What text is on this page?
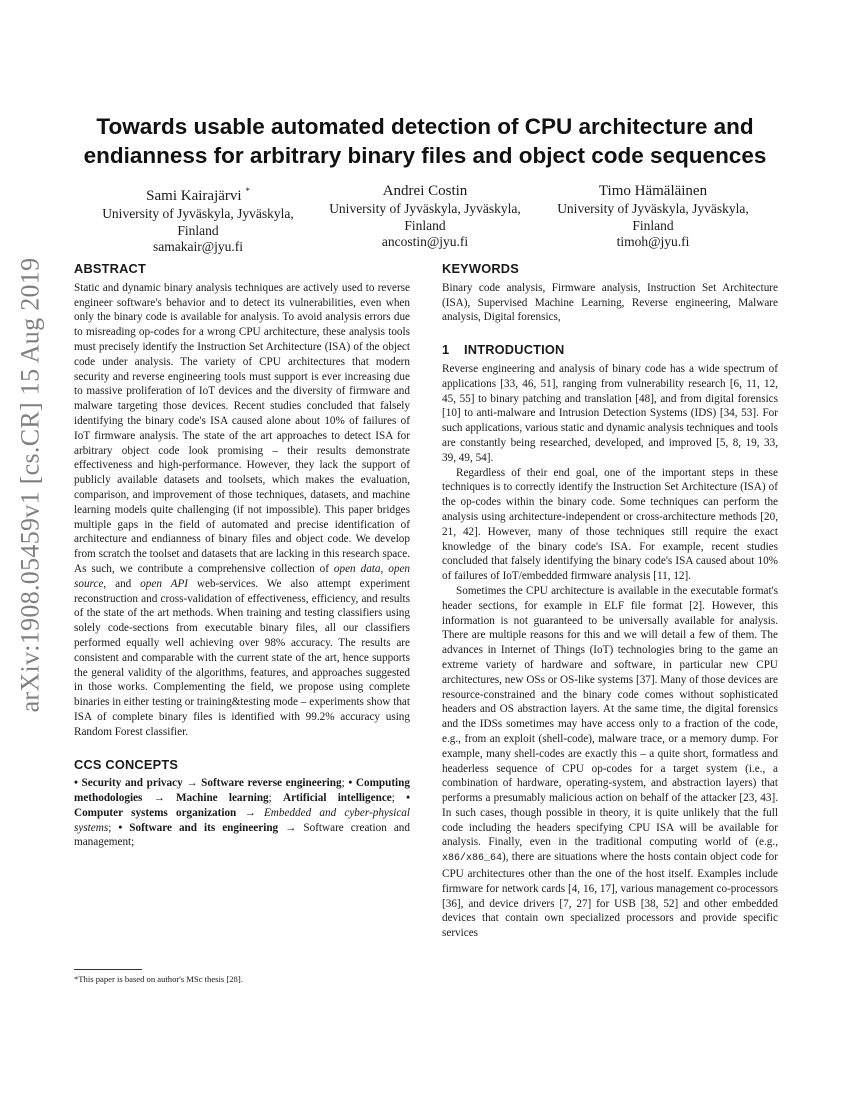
arXiv:1908.05459v1 [cs.CR] 15 Aug 2019
Towards usable automated detection of CPU architecture and endianness for arbitrary binary files and object code sequences
Sami Kairajärvi *
University of Jyväskyla, Jyväskyla,
Finland
samakair@jyu.fi
Andrei Costin
University of Jyväskyla, Jyväskyla,
Finland
ancostin@jyu.fi
Timo Hämäläinen
University of Jyväskyla, Jyväskyla,
Finland
timoh@jyu.fi
ABSTRACT

Static and dynamic binary analysis techniques are actively used to reverse engineer software's behavior and to detect its vulnerabilities, even when only the binary code is available for analysis. To avoid analysis errors due to misreading op-codes for a wrong CPU architecture, these analysis tools must precisely identify the Instruction Set Architecture (ISA) of the object code under analysis. The variety of CPU architectures that modern security and reverse engineering tools must support is ever increasing due to massive proliferation of IoT devices and the diversity of firmware and malware targeting those devices. Recent studies concluded that falsely identifying the binary code's ISA caused alone about 10% of failures of IoT firmware analysis. The state of the art approaches to detect ISA for arbitrary object code look promising – their results demonstrate effectiveness and high-performance. However, they lack the support of publicly available datasets and toolsets, which makes the evaluation, comparison, and improvement of those techniques, datasets, and machine learning models quite challenging (if not impossible). This paper bridges multiple gaps in the field of automated and precise identification of architecture and endianness of binary files and object code. We develop from scratch the toolset and datasets that are lacking in this research space. As such, we contribute a comprehensive collection of open data, open source, and open API web-services. We also attempt experiment reconstruction and cross-validation of effectiveness, efficiency, and results of the state of the art methods. When training and testing classifiers using solely code-sections from executable binary files, all our classifiers performed equally well achieving over 98% accuracy. The results are consistent and comparable with the current state of the art, hence supports the general validity of the algorithms, features, and approaches suggested in those works. Complementing the field, we propose using complete binaries in either testing or training&testing mode – experiments show that ISA of complete binary files is identified with 99.2% accuracy using Random Forest classifier.

CCS CONCEPTS

• Security and privacy → Software reverse engineering; • Computing methodologies → Machine learning; Artificial intelligence; • Computer systems organization → Embedded and cyber-physical systems; • Software and its engineering → Software creation and management;

*This paper is based on author's MSc thesis [28].
KEYWORDS

Binary code analysis, Firmware analysis, Instruction Set Architecture (ISA), Supervised Machine Learning, Reverse engineering, Malware analysis, Digital forensics,

1 INTRODUCTION

Reverse engineering and analysis of binary code has a wide spectrum of applications [33, 46, 51], ranging from vulnerability research [6, 11, 12, 45, 55] to binary patching and translation [48], and from digital forensics [10] to anti-malware and Intrusion Detection Systems (IDS) [34, 53]. For such applications, various static and dynamic analysis techniques and tools are constantly being researched, developed, and improved [5, 8, 19, 33, 39, 49, 54].

Regardless of their end goal, one of the important steps in these techniques is to correctly identify the Instruction Set Architecture (ISA) of the op-codes within the binary code. Some techniques can perform the analysis using architecture-independent or cross-architecture methods [20, 21, 42]. However, many of those techniques still require the exact knowledge of the binary code's ISA. For example, recent studies concluded that falsely identifying the binary code's ISA caused about 10% of failures of IoT/embedded firmware analysis [11, 12].

Sometimes the CPU architecture is available in the executable format's header sections, for example in ELF file format [2]. However, this information is not guaranteed to be universally available for analysis. There are multiple reasons for this and we will detail a few of them. The advances in Internet of Things (IoT) technologies bring to the game an extreme variety of hardware and software, in particular new CPU architectures, new OSs or OS-like systems [37]. Many of those devices are resource-constrained and the binary code comes without sophisticated headers and OS abstraction layers. At the same time, the digital forensics and the IDSs sometimes may have access only to a fraction of the code, e.g., from an exploit (shell-code), malware trace, or a memory dump. For example, many shell-codes are exactly this – a quite short, formatless and headerless sequence of CPU op-codes for a target system (i.e., a combination of hardware, operating-system, and abstraction layers) that performs a presumably malicious action on behalf of the attacker [23, 43]. In such cases, though possible in theory, it is quite unlikely that the full code including the headers specifying CPU ISA will be available for analysis. Finally, even in the traditional computing world of (e.g., x86/x86_64), there are situations where the hosts contain object code for CPU architectures other than the one of the host itself. Examples include firmware for network cards [4, 16, 17], various management co-processors [36], and device drivers [7, 27] for USB [38, 52] and other embedded devices that contain own specialized processors and provide specific services
